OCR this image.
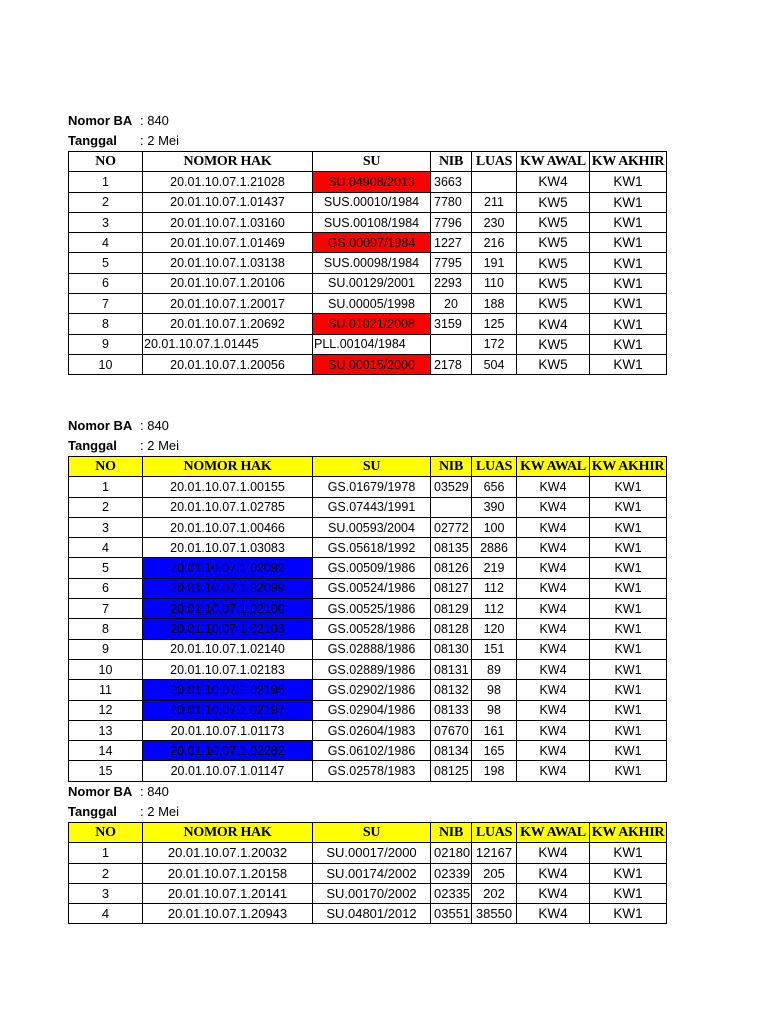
Nomor BA : 840
Tanggal : 2 Mei
NO	NOMOR HAK	SU	NIB	LUAS	KW AWAL	KW AKHIR
1	20.01.10.07.1.21028	SU.04908/2013	3663		KW4	KW1
2	20.01.10.07.1.01437	SUS.00010/1984	7780	211	KW5	KW1
3	20.01.10.07.1.03160	SUS.00108/1984	7796	230	KW5	KW1
4	20.01.10.07.1.01469	GS.00097/1984	1227	216	KW5	KW1
5	20.01.10.07.1.03138	SUS.00098/1984	7795	191	KW5	KW1
6	20.01.10.07.1.20106	SU.00129/2001	2293	110	KW5	KW1
7	20.01.10.07.1.20017	SU.00005/1998	20	188	KW5	KW1
8	20.01.10.07.1.20692	SU.01021/2008	3159	125	KW4	KW1
9	20.01.10.07.1.01445	PLL.00104/1984		172	KW5	KW1
10	20.01.10.07.1.20056	SU.00015/2000	2178	504	KW5	KW1
Nomor BA : 840
Tanggal : 2 Mei
NO	NOMOR HAK	SU	NIB	LUAS	KW AWAL	KW AKHIR
1	20.01.10.07.1.00155	GS.01679/1978	03529	656	KW4	KW1
2	20.01.10.07.1.02785	GS.07443/1991		390	KW4	KW1
3	20.01.10.07.1.00466	SU.00593/2004	02772	100	KW4	KW1
4	20.01.10.07.1.03083	GS.05618/1992	08135	2886	KW4	KW1
5	20.01.10.07.1.02092	GS.00509/1986	08126	219	KW4	KW1
6	20.01.10.07.1.02099	GS.00524/1986	08127	112	KW4	KW1
7	20.01.10.07.1.02100	GS.00525/1986	08129	112	KW4	KW1
8	20.01.10.07.1.02103	GS.00528/1986	08128	120	KW4	KW1
9	20.01.10.07.1.02140	GS.02888/1986	08130	151	KW4	KW1
10	20.01.10.07.1.02183	GS.02889/1986	08131	89	KW4	KW1
11	20.01.10.07.1.02195	GS.02902/1986	08132	98	KW4	KW1
12	20.01.10.07.1.02197	GS.02904/1986	08133	98	KW4	KW1
13	20.01.10.07.1.01173	GS.02604/1983	07670	161	KW4	KW1
14	20.01.10.07.1.02282	GS.06102/1986	08134	165	KW4	KW1
15	20.01.10.07.1.01147	GS.02578/1983	08125	198	KW4	KW1
Nomor BA : 840
Tanggal : 2 Mei
NO	NOMOR HAK	SU	NIB	LUAS	KW AWAL	KW AKHIR
1	20.01.10.07.1.20032	SU.00017/2000	02180	12167	KW4	KW1
2	20.01.10.07.1.20158	SU.00174/2002	02339	205	KW4	KW1
3	20.01.10.07.1.20141	SU.00170/2002	02335	202	KW4	KW1
4	20.01.10.07.1.20943	SU.04801/2012	03551	38550	KW4	KW1
